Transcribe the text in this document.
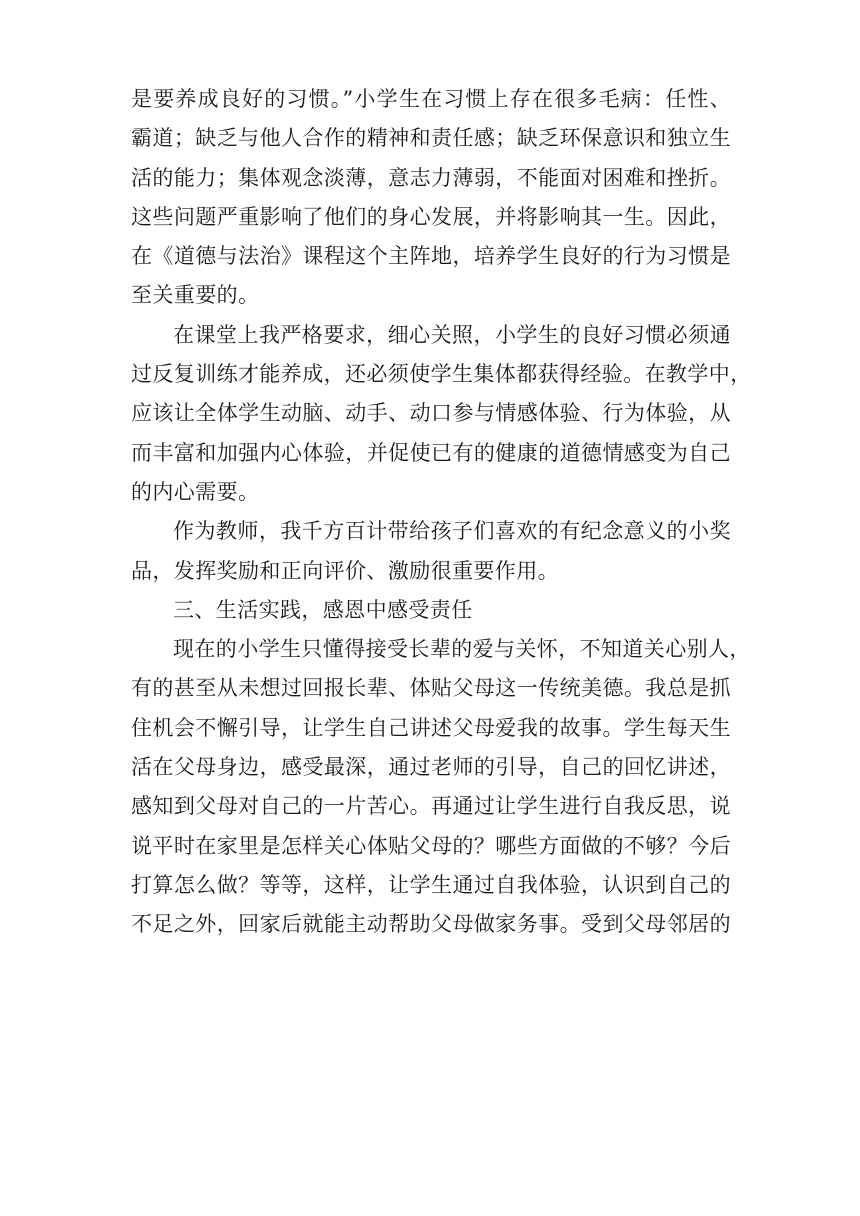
是要养成良好的习惯。”小学生在习惯上存在很多毛病：任性、
霸道；缺乏与他人合作的精神和责任感；缺乏环保意识和独立生
活的能力；集体观念淡薄，意志力薄弱，不能面对困难和挫折。
这些问题严重影响了他们的身心发展，并将影响其一生。因此，
在《道德与法治》课程这个主阵地，培养学生良好的行为习惯是
至关重要的。
在课堂上我严格要求，细心关照，小学生的良好习惯必须通
过反复训练才能养成，还必须使学生集体都获得经验。在教学中，
应该让全体学生动脑、动手、动口参与情感体验、行为体验，从
而丰富和加强内心体验，并促使已有的健康的道德情感变为自己
的内心需要。
作为教师，我千方百计带给孩子们喜欢的有纪念意义的小奖
品，发挥奖励和正向评价、激励很重要作用。
三、生活实践，感恩中感受责任
现在的小学生只懂得接受长辈的爱与关怀，不知道关心别人，
有的甚至从未想过回报长辈、体贴父母这一传统美德。我总是抓
住机会不懈引导，让学生自己讲述父母爱我的故事。学生每天生
活在父母身边，感受最深，通过老师的引导，自己的回忆讲述，
感知到父母对自己的一片苦心。再通过让学生进行自我反思，说
说平时在家里是怎样关心体贴父母的？哪些方面做的不够？今后
打算怎么做？等等，这样，让学生通过自我体验，认识到自己的
不足之外，回家后就能主动帮助父母做家务事。受到父母邻居的
